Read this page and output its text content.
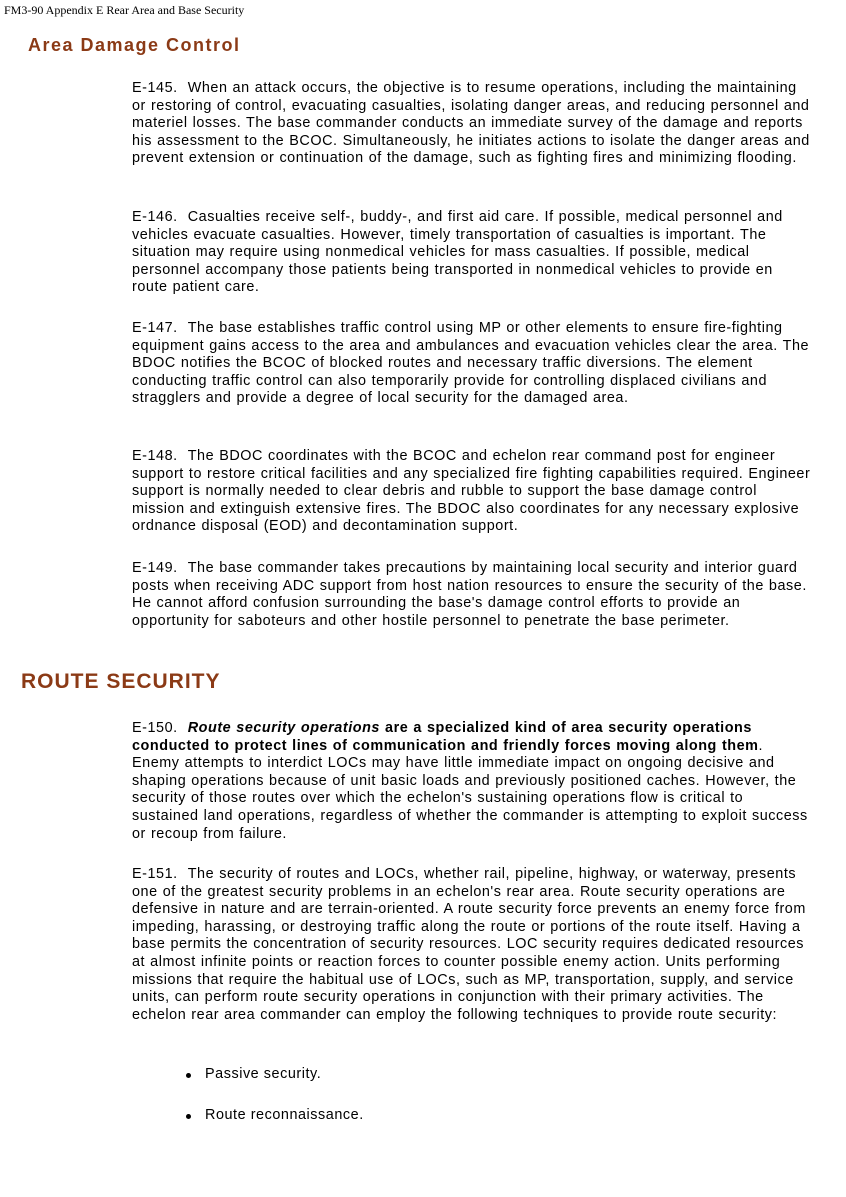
FM3-90 Appendix E Rear Area and Base Security
Area Damage Control

E-145. When an attack occurs, the objective is to resume operations, including the maintaining or restoring of control, evacuating casualties, isolating danger areas, and reducing personnel and materiel losses. The base commander conducts an immediate survey of the damage and reports his assessment to the BCOC. Simultaneously, he initiates actions to isolate the danger areas and prevent extension or continuation of the damage, such as fighting fires and minimizing flooding.

E-146. Casualties receive self-, buddy-, and first aid care. If possible, medical personnel and vehicles evacuate casualties. However, timely transportation of casualties is important. The situation may require using nonmedical vehicles for mass casualties. If possible, medical personnel accompany those patients being transported in nonmedical vehicles to provide en route patient care.

E-147. The base establishes traffic control using MP or other elements to ensure fire-fighting equipment gains access to the area and ambulances and evacuation vehicles clear the area. The BDOC notifies the BCOC of blocked routes and necessary traffic diversions. The element conducting traffic control can also temporarily provide for controlling displaced civilians and stragglers and provide a degree of local security for the damaged area.

E-148. The BDOC coordinates with the BCOC and echelon rear command post for engineer support to restore critical facilities and any specialized fire fighting capabilities required. Engineer support is normally needed to clear debris and rubble to support the base damage control mission and extinguish extensive fires. The BDOC also coordinates for any necessary explosive ordnance disposal (EOD) and decontamination support.

E-149. The base commander takes precautions by maintaining local security and interior guard posts when receiving ADC support from host nation resources to ensure the security of the base. He cannot afford confusion surrounding the base's damage control efforts to provide an opportunity for saboteurs and other hostile personnel to penetrate the base perimeter.

ROUTE SECURITY

E-150. Route security operations are a specialized kind of area security operations conducted to protect lines of communication and friendly forces moving along them. Enemy attempts to interdict LOCs may have little immediate impact on ongoing decisive and shaping operations because of unit basic loads and previously positioned caches. However, the security of those routes over which the echelon's sustaining operations flow is critical to sustained land operations, regardless of whether the commander is attempting to exploit success or recoup from failure.

E-151. The security of routes and LOCs, whether rail, pipeline, highway, or waterway, presents one of the greatest security problems in an echelon's rear area. Route security operations are defensive in nature and are terrain-oriented. A route security force prevents an enemy force from impeding, harassing, or destroying traffic along the route or portions of the route itself. Having a base permits the concentration of security resources. LOC security requires dedicated resources at almost infinite points or reaction forces to counter possible enemy action. Units performing missions that require the habitual use of LOCs, such as MP, transportation, supply, and service units, can perform route security operations in conjunction with their primary activities. The echelon rear area commander can employ the following techniques to provide route security:

Passive security.
Route reconnaissance.
